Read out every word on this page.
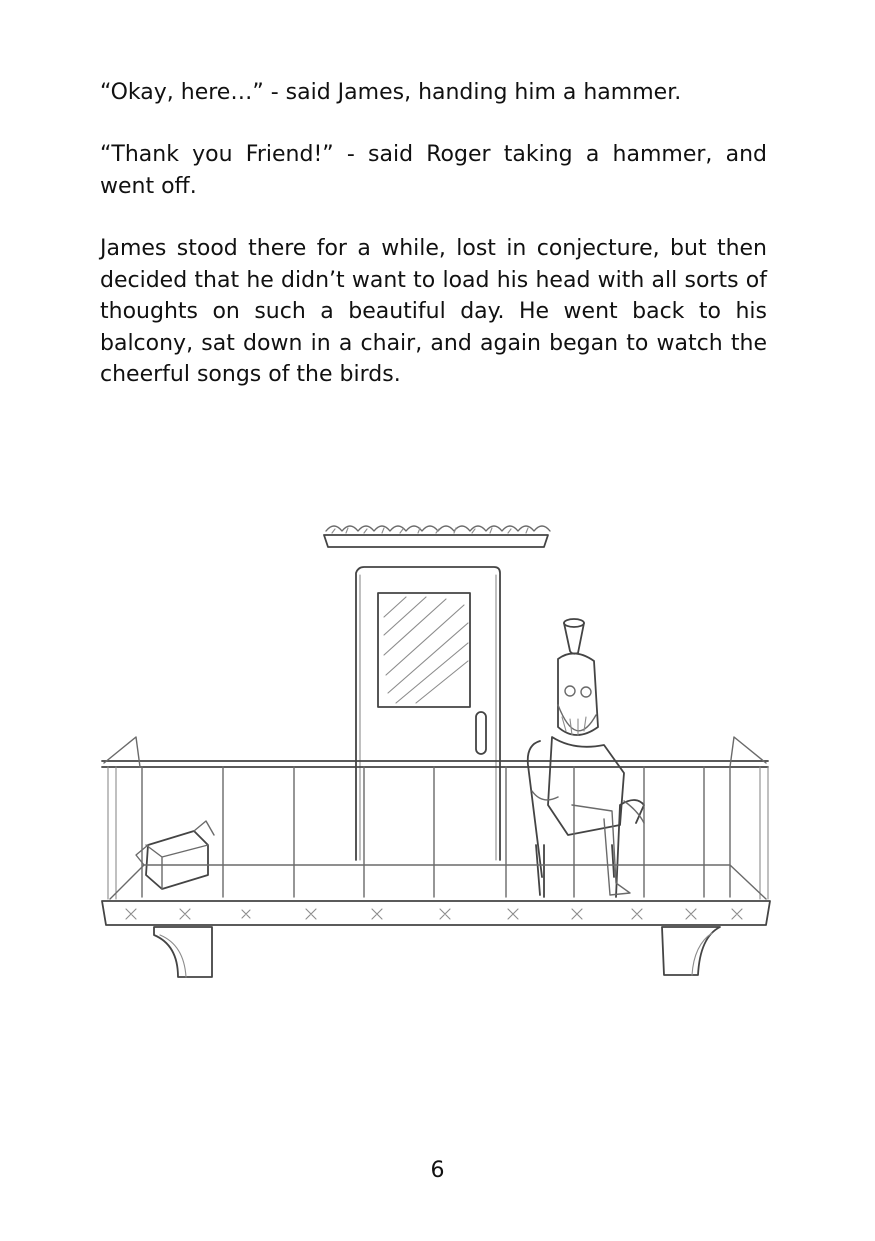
“Okay, here…” - said James, handing him a hammer.

“Thank you Friend!” - said Roger taking a hammer, and went off.

James stood there for a while, lost in conjecture, but then decided that he didn’t want to load his head with all sorts of thoughts on such a beautiful day. He went back to his balcony, sat down in a chair, and again began to watch the cheerful songs of the birds.

6
